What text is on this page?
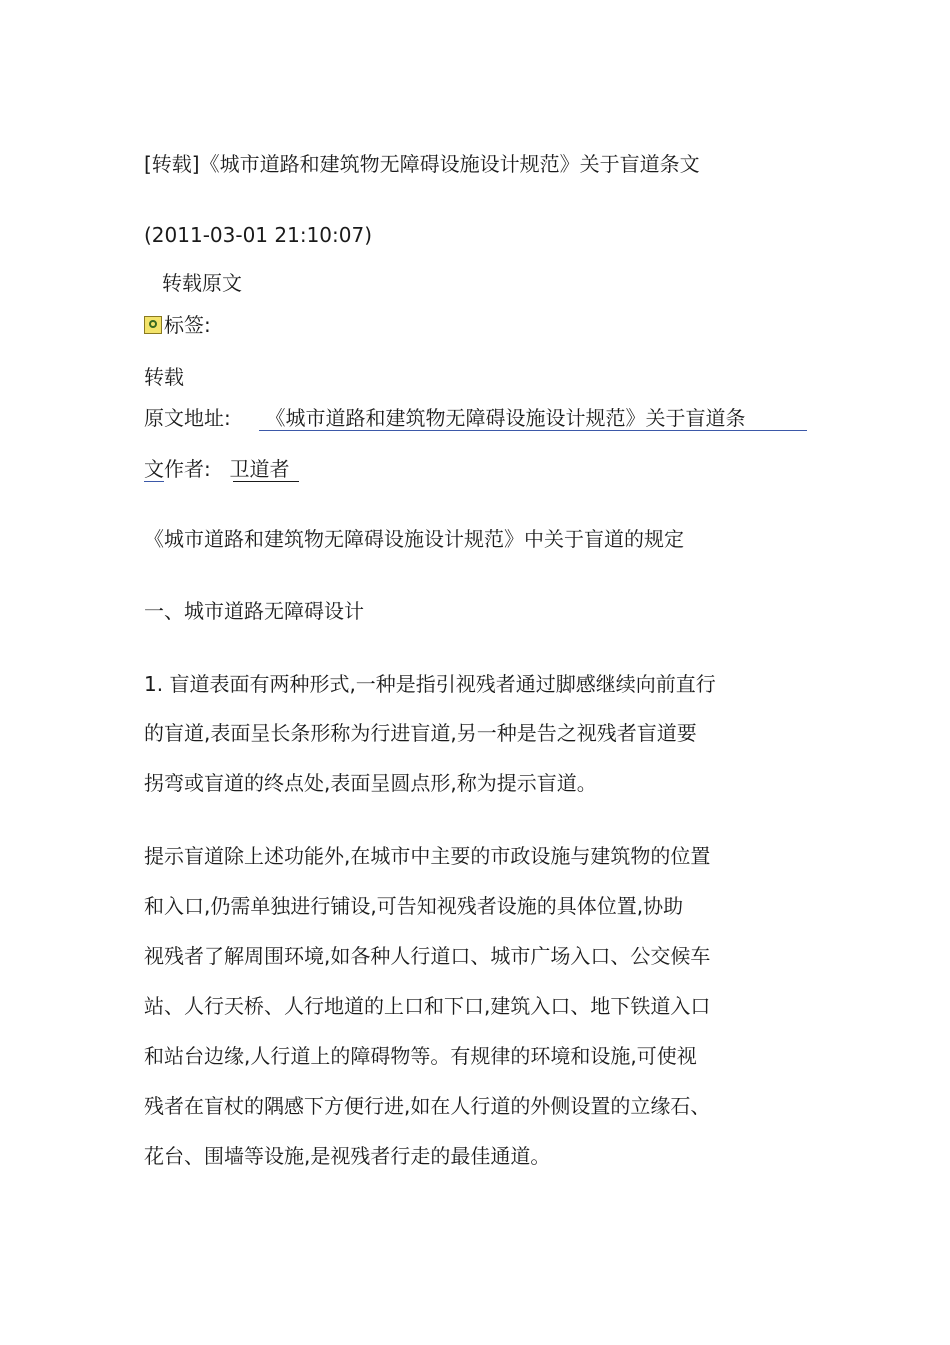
[转载]《城市道路和建筑物无障碍设施设计规范》关于盲道条文
(2011-03-01 21:10:07)
转载原文
标签:
转载
原文地址: 《城市道路和建筑物无障碍设施设计规范》关于盲道条
文作者: 卫道者
《城市道路和建筑物无障碍设施设计规范》中关于盲道的规定
一、城市道路无障碍设计
1. 盲道表面有两种形式,一种是指引视残者通过脚感继续向前直行
的盲道,表面呈长条形称为行进盲道,另一种是告之视残者盲道要
拐弯或盲道的终点处,表面呈圆点形,称为提示盲道。
提示盲道除上述功能外,在城市中主要的市政设施与建筑物的位置
和入口,仍需单独进行铺设,可告知视残者设施的具体位置,协助
视残者了解周围环境,如各种人行道口、城市广场入口、公交候车
站、人行天桥、人行地道的上口和下口,建筑入口、地下铁道入口
和站台边缘,人行道上的障碍物等。有规律的环境和设施,可使视
残者在盲杖的隅感下方便行进,如在人行道的外侧设置的立缘石、
花台、围墙等设施,是视残者行走的最佳通道。
